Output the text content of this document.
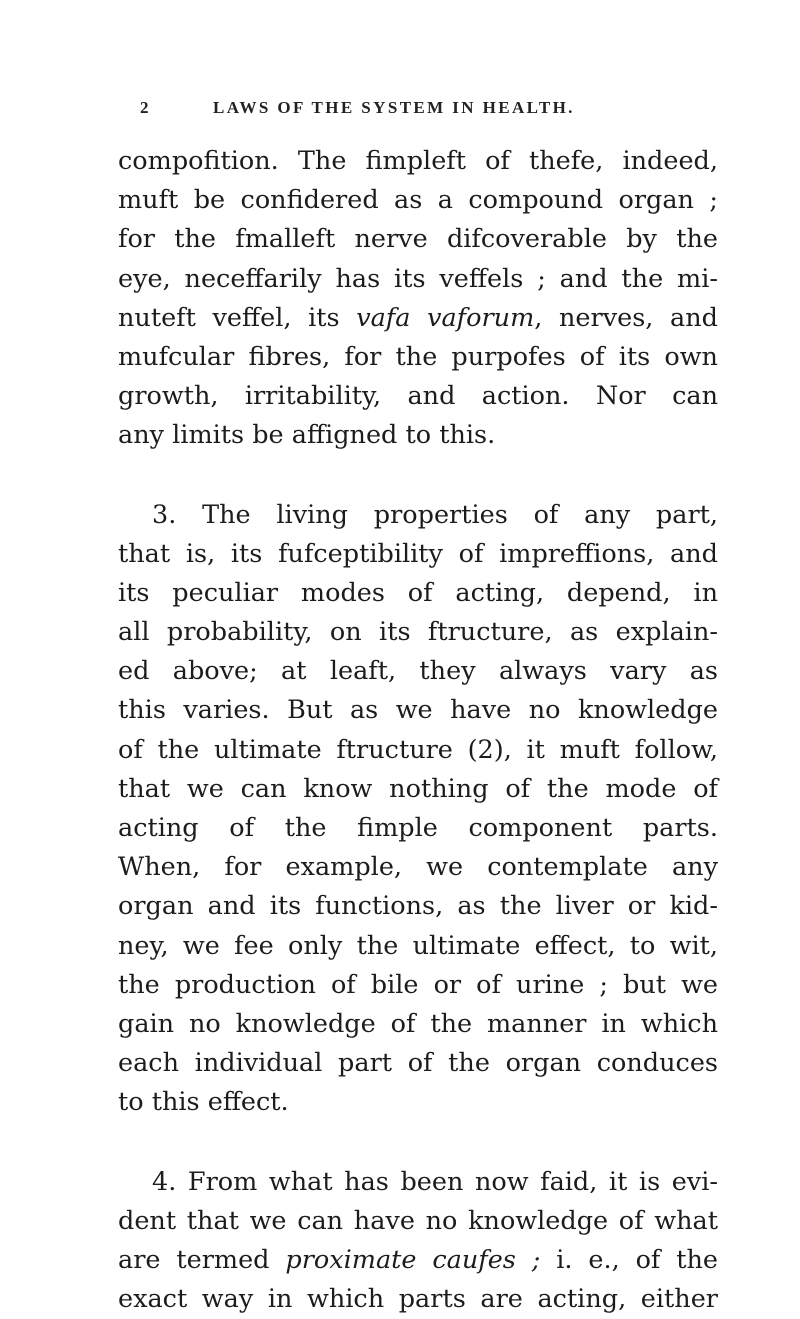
2	LAWS OF THE SYSTEM IN HEALTH.
compofition. The fimpleft of thefe, indeed,
muft be confidered as a compound organ ;
for the fmalleft nerve difcoverable by the
eye, neceffarily has its veffels ; and the mi-
nuteft veffel, its vafa vaforum, nerves, and
mufcular fibres, for the purpofes of its own
growth, irritability, and action. Nor can
any limits be affigned to this.
3. The living properties of any part,
that is, its fufceptibility of impreffions, and
its peculiar modes of acting, depend, in
all probability, on its ftructure, as explain-
ed above; at leaft, they always vary as
this varies. But as we have no knowledge
of the ultimate ftructure (2), it muft follow,
that we can know nothing of the mode of
acting of the fimple component parts.
When, for example, we contemplate any
organ and its functions, as the liver or kid-
ney, we fee only the ultimate effect, to wit,
the production of bile or of urine ; but we
gain no knowledge of the manner in which
each individual part of the organ conduces
to this effect.
4. From what has been now faid, it is evi-
dent that we can have no knowledge of what
are termed proximate caufes ; i. e., of the
exact way in which parts are acting, either
